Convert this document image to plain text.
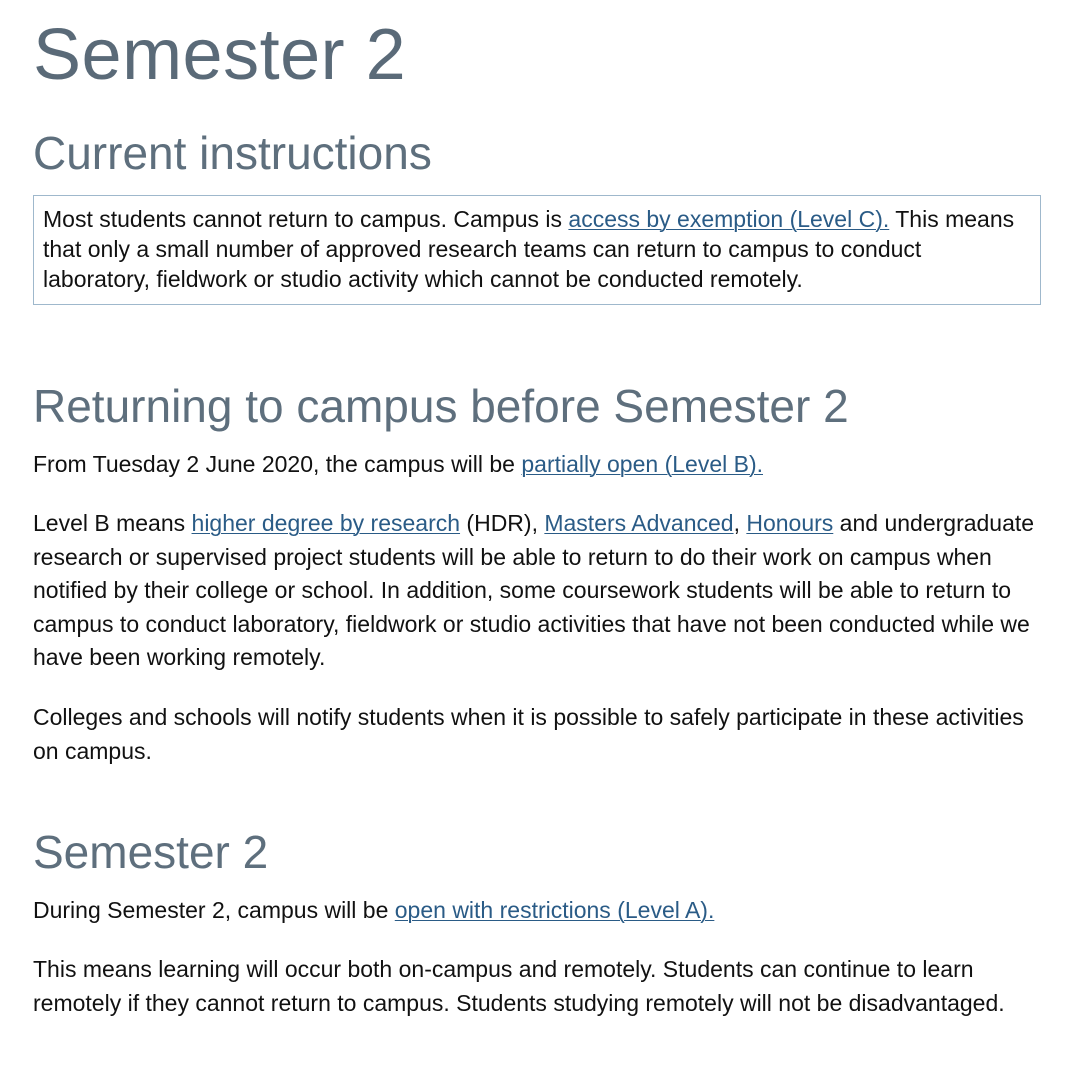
Semester 2
Current instructions
Most students cannot return to campus. Campus is access by exemption (Level C). This means that only a small number of approved research teams can return to campus to conduct laboratory, fieldwork or studio activity which cannot be conducted remotely.
Returning to campus before Semester 2

From Tuesday 2 June 2020, the campus will be partially open (Level B).

Level B means higher degree by research (HDR), Masters Advanced, Honours and undergraduate research or supervised project students will be able to return to do their work on campus when notified by their college or school. In addition, some coursework students will be able to return to campus to conduct laboratory, fieldwork or studio activities that have not been conducted while we have been working remotely.

Colleges and schools will notify students when it is possible to safely participate in these activities on campus.

Semester 2

During Semester 2, campus will be open with restrictions (Level A).

This means learning will occur both on-campus and remotely. Students can continue to learn remotely if they cannot return to campus. Students studying remotely will not be disadvantaged.
